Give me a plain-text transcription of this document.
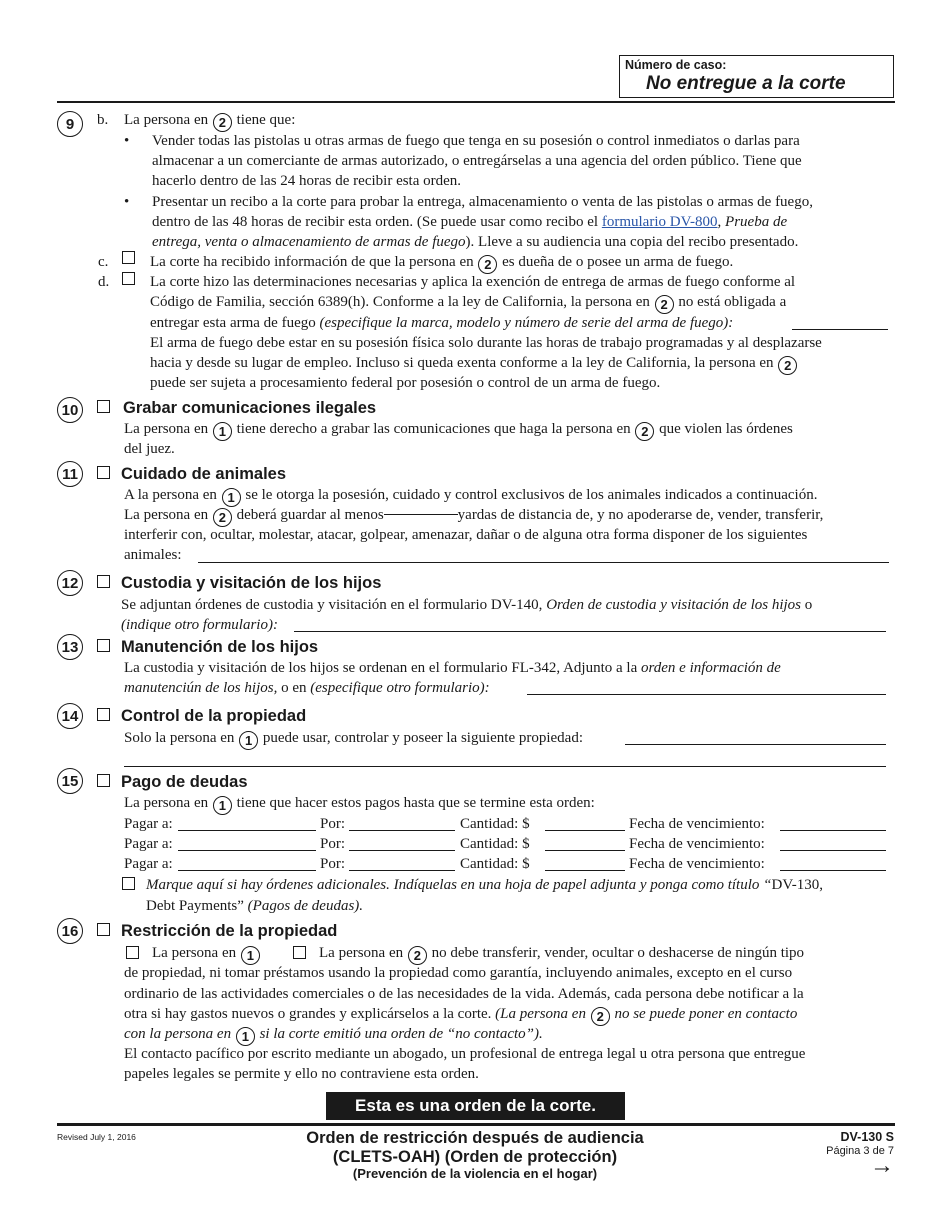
Número de caso:
No entregue a la corte
9	b. La persona en 2 tiene que:
• Vender todas las pistolas u otras armas de fuego que tenga en su posesión o control inmediatos o darlas para
almacenar a un comerciante de armas autorizado, o entregárselas a una agencia del orden público. Tiene que
hacerlo dentro de las 24 horas de recibir esta orden.
• Presentar un recibo a la corte para probar la entrega, almacenamiento o venta de las pistolas o armas de fuego,
dentro de las 48 horas de recibir esta orden. (Se puede usar como recibo el formulario DV-800, Prueba de
entrega, venta o almacenamiento de armas de fuego). Lleve a su audiencia una copia del recibo presentado.
c.	La corte ha recibido información de que la persona en 2 es dueña de o posee un arma de fuego.
d.	La corte hizo las determinaciones necesarias y aplica la exención de entrega de armas de fuego conforme al
Código de Familia, sección 6389(h). Conforme a la ley de California, la persona en 2 no está obligada a
entregar esta arma de fuego (especifique la marca, modelo y número de serie del arma de fuego):
El arma de fuego debe estar en su posesión física solo durante las horas de trabajo programadas y al desplazarse
hacia y desde su lugar de empleo. Incluso si queda exenta conforme a la ley de California, la persona en 2
puede ser sujeta a procesamiento federal por posesión o control de un arma de fuego.
10	Grabar comunicaciones ilegales
La persona en 1 tiene derecho a grabar las comunicaciones que haga la persona en 2 que violen las órdenes
del juez.
11	Cuidado de animales
A la persona en 1 se le otorga la posesión, cuidado y control exclusivos de los animales indicados a continuación.
La persona en 2 deberá guardar al menos	yardas de distancia de, y no apoderarse de, vender, transferir,
interferir con, ocultar, molestar, atacar, golpear, amenazar, dañar o de alguna otra forma disponer de los siguientes
animales:
12	Custodia y visitación de los hijos
Se adjuntan órdenes de custodia y visitación en el formulario DV-140, Orden de custodia y visitación de los hijos o
(indique otro formulario):
13	Manutención de los hijos
La custodia y visitación de los hijos se ordenan en el formulario FL-342, Adjunto a la orden e información de
manutenciún de los hijos, o en (especifique otro formulario):
14	Control de la propiedad
Solo la persona en 1 puede usar, controlar y poseer la siguiente propiedad:
15	Pago de deudas
La persona en 1 tiene que hacer estos pagos hasta que se termine esta orden:
Pagar a:	Por:	Cantidad: $	Fecha de vencimiento:
Pagar a:	Por:	Cantidad: $	Fecha de vencimiento:
Pagar a:	Por:	Cantidad: $	Fecha de vencimiento:
Marque aquí si hay órdenes adicionales. Indíquelas en una hoja de papel adjunta y ponga como título “DV-130,
Debt Payments” (Pagos de deudas).
16	Restricción de la propiedad
La persona en 1	La persona en 2 no debe transferir, vender, ocultar o deshacerse de ningún tipo
de propiedad, ni tomar préstamos usando la propiedad como garantía, incluyendo animales, excepto en el curso
ordinario de las actividades comerciales o de las necesidades de la vida. Además, cada persona debe notificar a la
otra si hay gastos nuevos o grandes y explicárselos a la corte. (La persona en 2 no se puede poner en contacto
con la persona en 1 si la corte emitió una orden de “no contacto”).
El contacto pacífico por escrito mediante un abogado, un profesional de entrega legal u otra persona que entregue
papeles legales se permite y ello no contraviene esta orden.
Esta es una orden de la corte.
Revised July 1, 2016	Orden de restricción después de audiencia
(CLETS-OAH) (Orden de protección)
(Prevención de la violencia en el hogar)
DV-130 S
Página 3 de 7
→
